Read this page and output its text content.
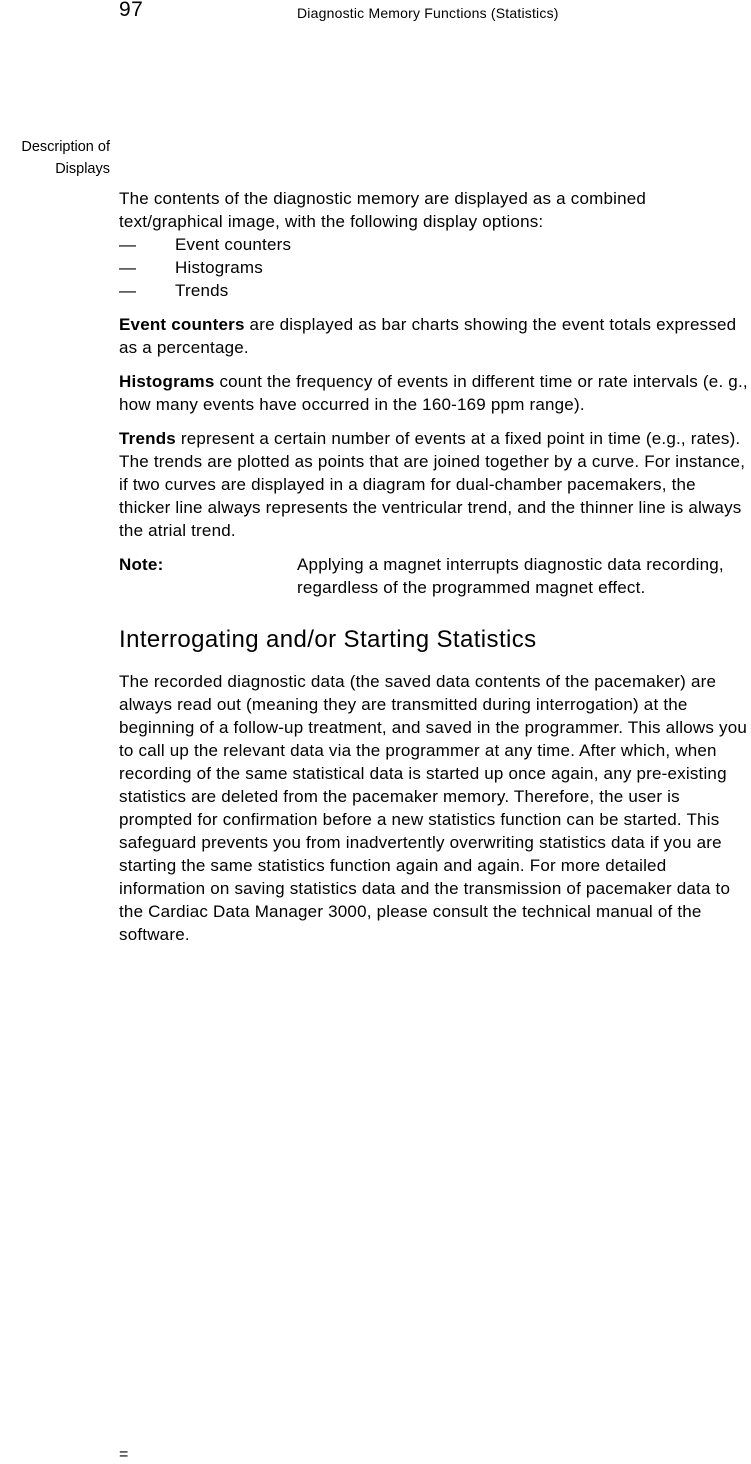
97	Diagnostic Memory Functions (Statistics)
Description of
Displays

The contents of the diagnostic memory are displayed as a combined text/graphical image, with the following display options:

—	Event counters
—	Histograms
—	Trends

Event counters are displayed as bar charts showing the event totals expressed as a percentage.

Histograms count the frequency of events in different time or rate intervals (e. g., how many events have occurred in the 160-169 ppm range).

Trends represent a certain number of events at a fixed point in time (e.g., rates). The trends are plotted as points that are joined together by a curve. For instance, if two curves are displayed in a diagram for dual-chamber pacemakers, the thicker line always represents the ventricular trend, and the thinner line is always the atrial trend.

Note:	Applying a magnet interrupts diagnostic data recording, regardless of the programmed magnet effect.
Interrogating and/or Starting Statistics

The recorded diagnostic data (the saved data contents of the pacemaker) are always read out (meaning they are transmitted during interrogation) at the beginning of a follow-up treatment, and saved in the programmer. This allows you to call up the relevant data via the programmer at any time. After which, when recording of the same statistical data is started up once again, any pre-existing statistics are deleted from the pacemaker memory. Therefore, the user is prompted for confirmation before a new statistics function can be started. This safeguard prevents you from inadvertently overwriting statistics data if you are starting the same statistics function again and again. For more detailed information on saving statistics data and the transmission of pacemaker data to the Cardiac Data Manager 3000, please consult the technical manual of the software.

=
